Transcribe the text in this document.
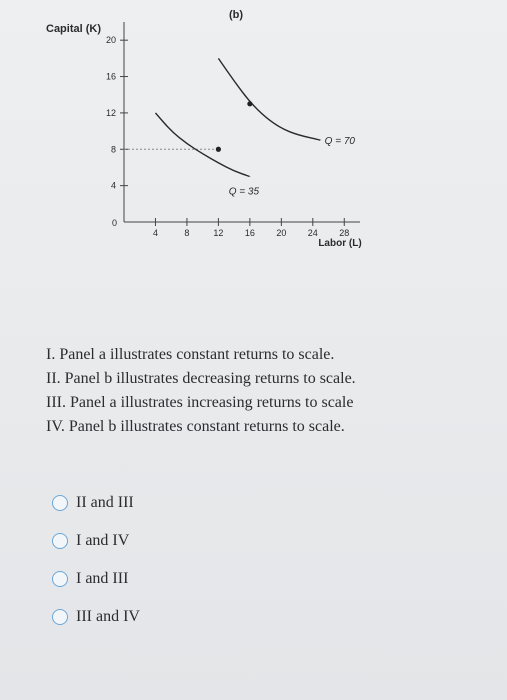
(b)
Capital (K)
Labor (L)
0
4
8
12
16
20
4	8	12 16 20 24 28
Q = 35
Q = 70
I. Panel a illustrates constant returns to scale.
II. Panel b illustrates decreasing returns to scale.
III. Panel a illustrates increasing returns to scale
IV. Panel b illustrates constant returns to scale.
II and III
I and IV
I and III
III and IV
